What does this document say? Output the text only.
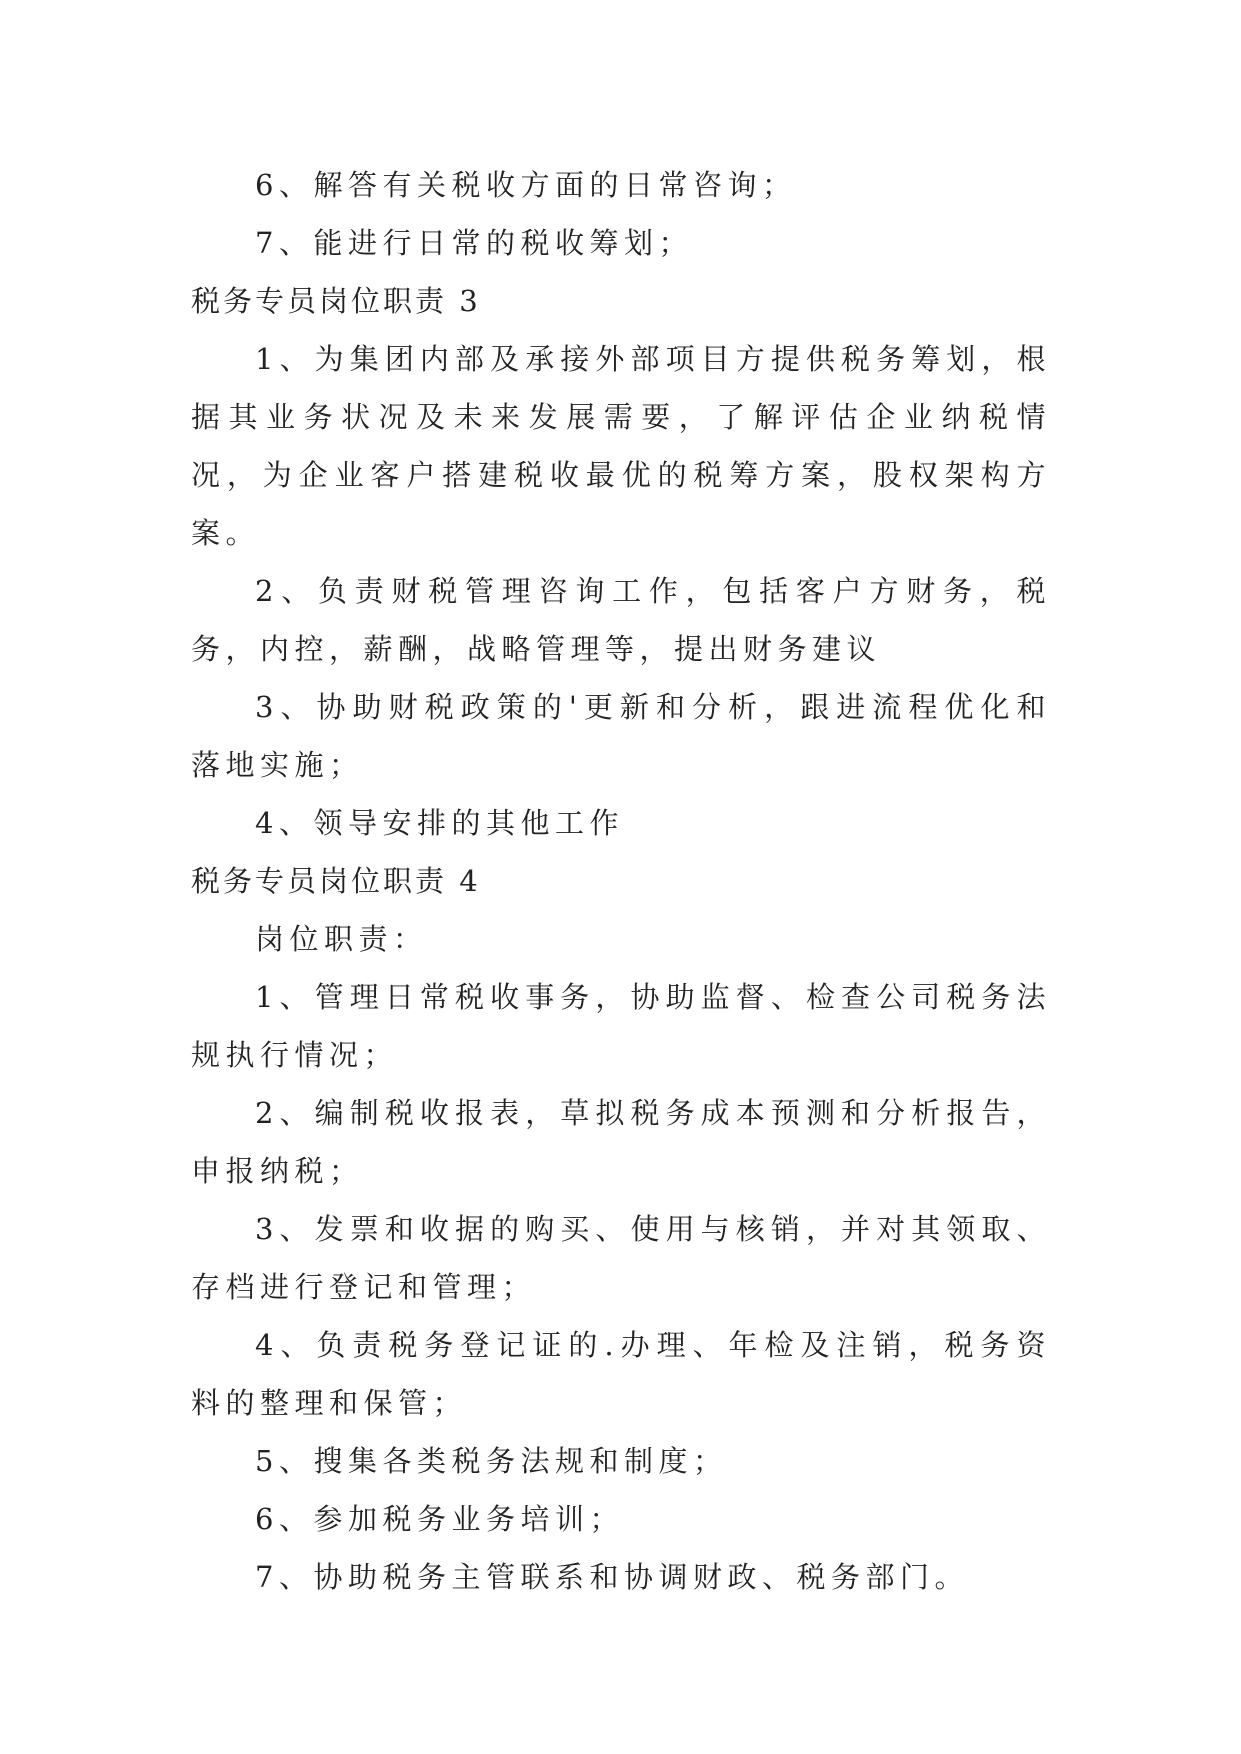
6、解答有关税收方面的日常咨询；

7、能进行日常的税收筹划；

税务专员岗位职责 3

1、为集团内部及承接外部项目方提供税务筹划，根据其业务状况及未来发展需要，了解评估企业纳税情况，为企业客户搭建税收最优的税筹方案，股权架构方案。

2、负责财税管理咨询工作，包括客户方财务，税务，内控，薪酬，战略管理等，提出财务建议

3、协助财税政策的'更新和分析，跟进流程优化和落地实施；

4、领导安排的其他工作

税务专员岗位职责 4

岗位职责：

1、管理日常税收事务，协助监督、检查公司税务法规执行情况；

2、编制税收报表，草拟税务成本预测和分析报告，申报纳税；

3、发票和收据的购买、使用与核销，并对其领取、存档进行登记和管理；

4、负责税务登记证的.办理、年检及注销，税务资料的整理和保管；

5、搜集各类税务法规和制度；

6、参加税务业务培训；

7、协助税务主管联系和协调财政、税务部门。
